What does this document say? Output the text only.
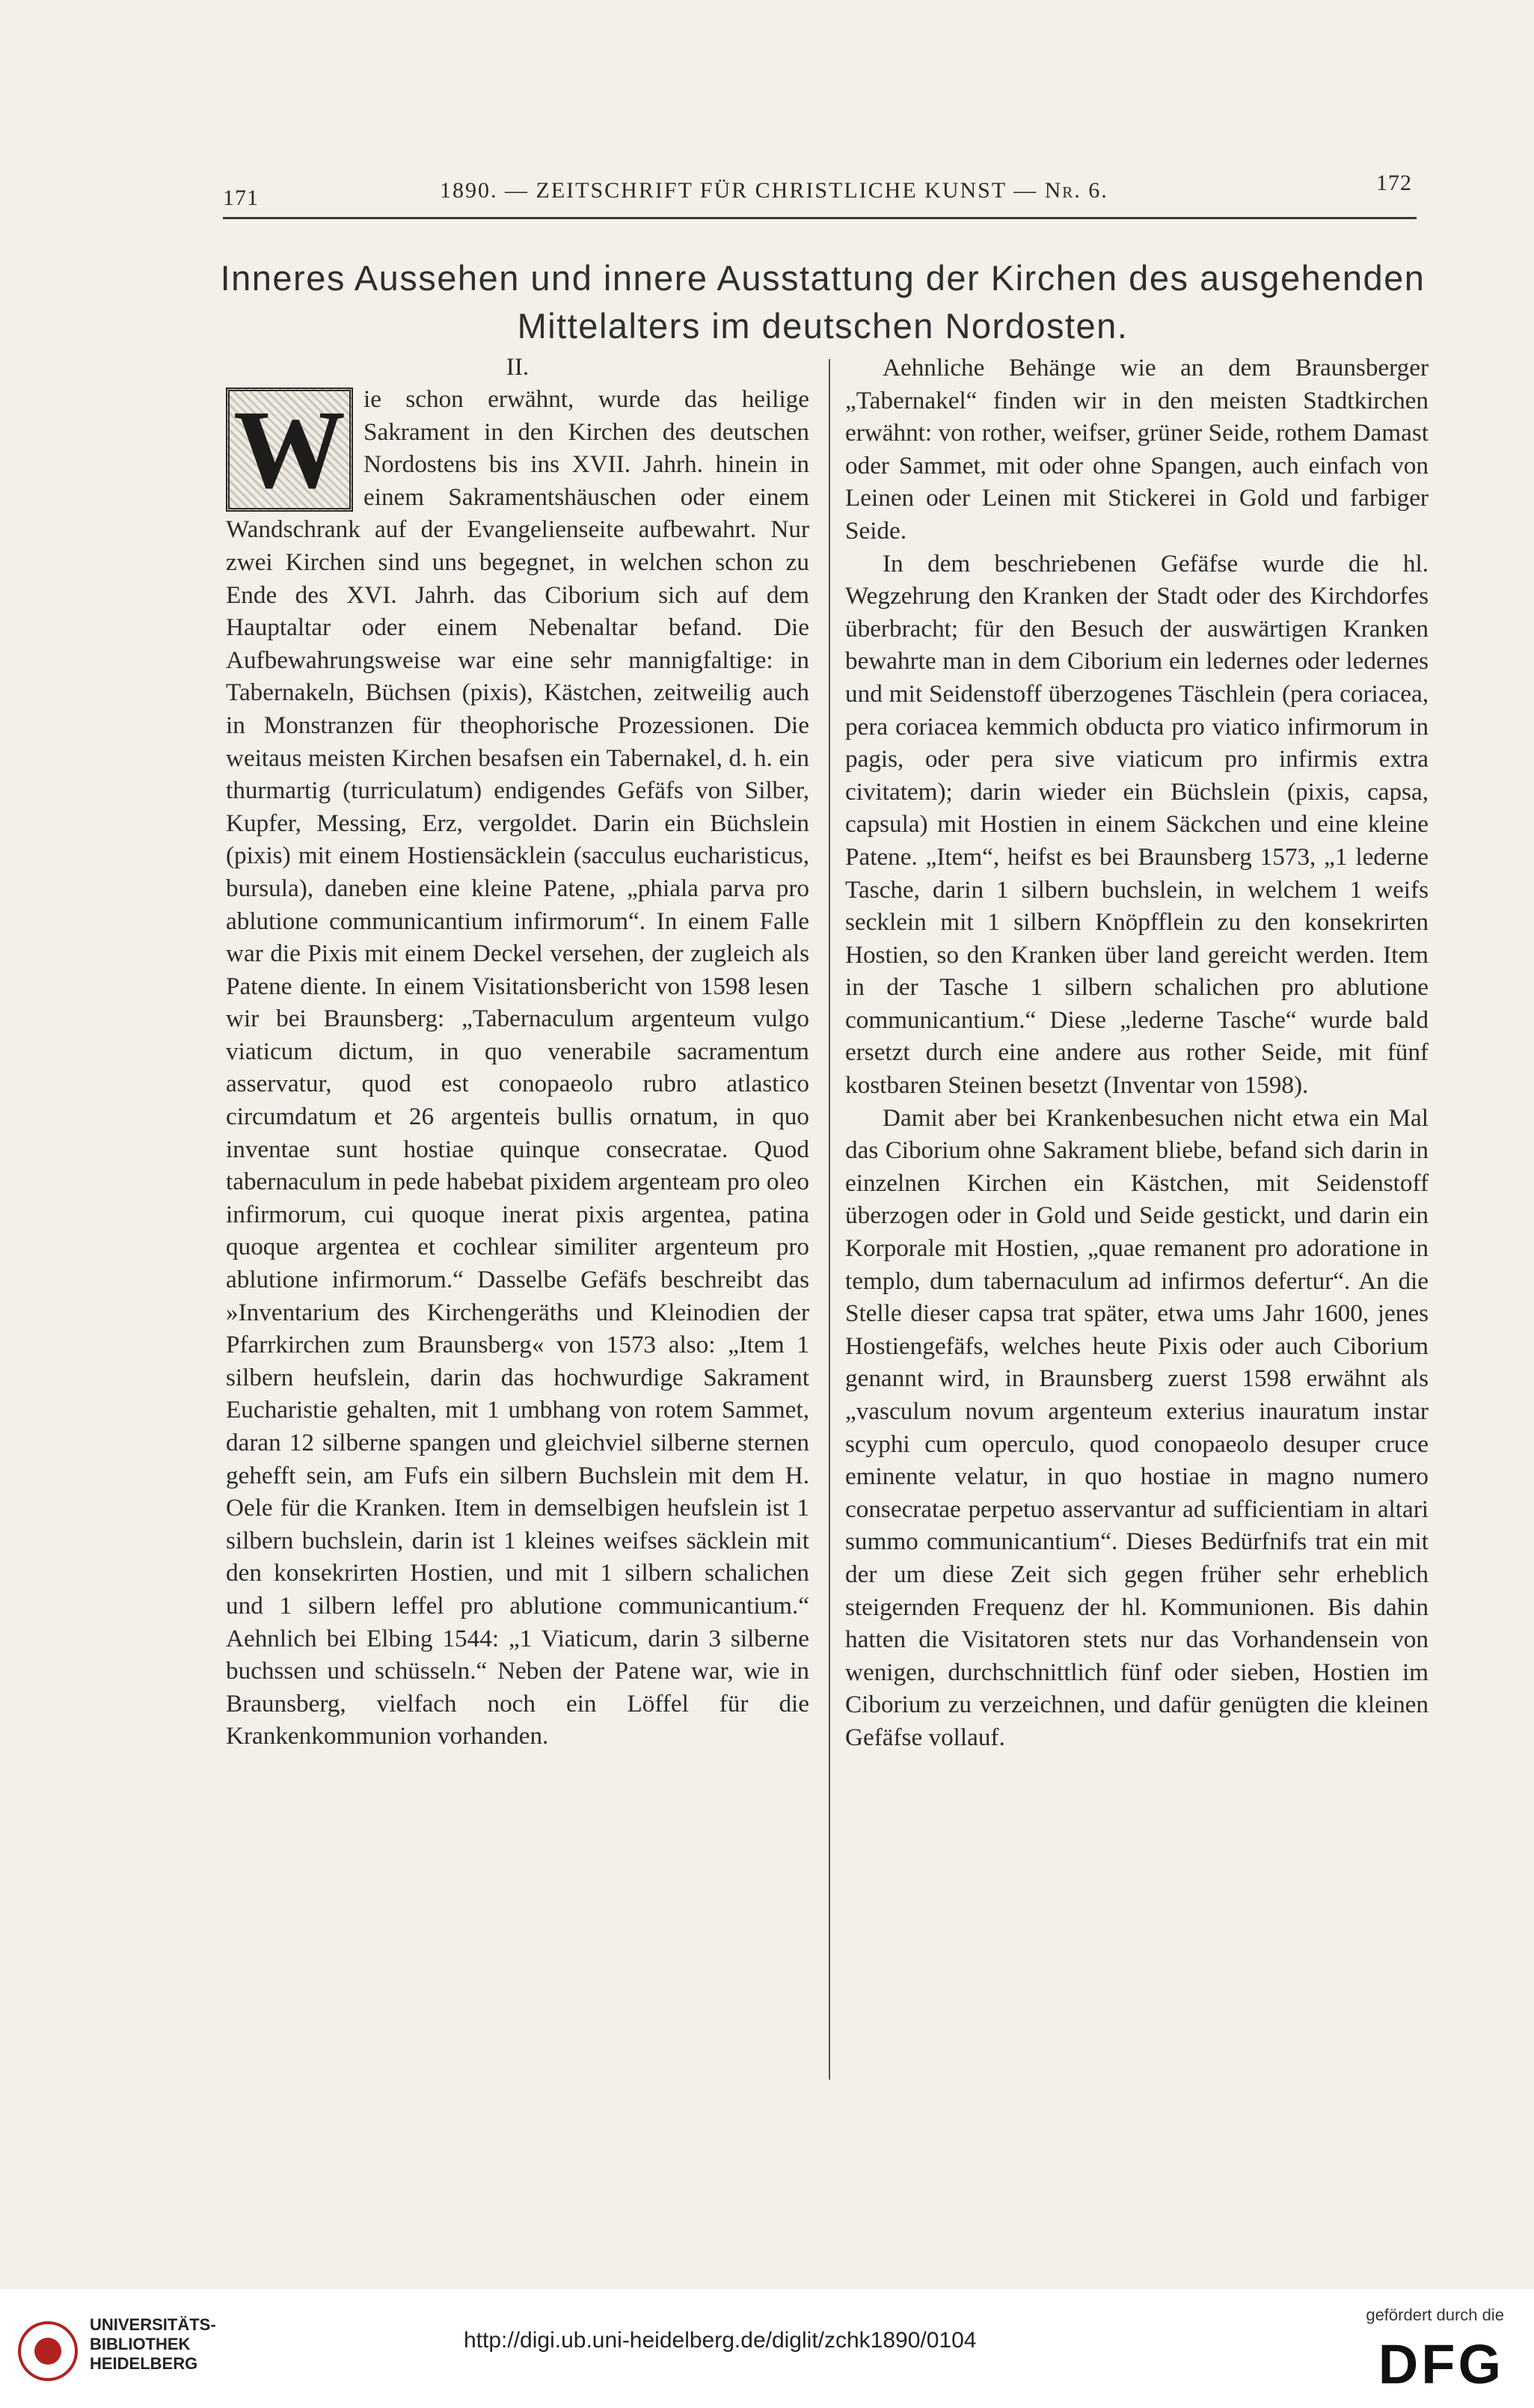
171	1890. — ZEITSCHRIFT FÜR CHRISTLICHE KUNST — Nr. 6.	172
Inneres Aussehen und innere Ausstattung der Kirchen des ausgehenden
Mittelalters im deutschen Nordosten.
II.

W ie schon erwähnt, wurde das heilige Sakrament in den Kirchen des deutschen Nordostens bis ins XVII. Jahrh. hinein in einem Sakramentshäuschen oder einem Wandschrank auf der Evangelienseite aufbewahrt. Nur zwei Kirchen sind uns begegnet, in welchen schon zu Ende des XVI. Jahrh. das Ciborium sich auf dem Hauptaltar oder einem Nebenaltar befand. Die Aufbewahrungsweise war eine sehr mannigfaltige: in Tabernakeln, Büchsen (pixis), Kästchen, zeitweilig auch in Monstranzen für theophorische Prozessionen. Die weitaus meisten Kirchen besafsen ein Tabernakel, d. h. ein thurmartig (turriculatum) endigendes Gefäfs von Silber, Kupfer, Messing, Erz, vergoldet. Darin ein Büchslein (pixis) mit einem Hostiensäcklein (sacculus eucharisticus, bursula), daneben eine kleine Patene, „phiala parva pro ablutione communicantium infirmorum“. In einem Falle war die Pixis mit einem Deckel versehen, der zugleich als Patene diente. In einem Visitationsbericht von 1598 lesen wir bei Braunsberg: „Tabernaculum argenteum vulgo viaticum dictum, in quo venerabile sacramentum asservatur, quod est conopaeolo rubro atlastico circumdatum et 26 argenteis bullis ornatum, in quo inventae sunt hostiae quinque consecratae. Quod tabernaculum in pede habebat pixidem argenteam pro oleo infirmorum, cui quoque inerat pixis argentea, patina quoque argentea et cochlear similiter argenteum pro ablutione infirmorum.“ Dasselbe Gefäfs beschreibt das »Inventarium des Kirchengeräths und Kleinodien der Pfarrkirchen zum Braunsberg« von 1573 also: „Item 1 silbern heufslein, darin das hochwurdige Sakrament Eucharistie gehalten, mit 1 umbhang von rotem Sammet, daran 12 silberne spangen und gleichviel silberne sternen gehefft sein, am Fufs ein silbern Buchslein mit dem H. Oele für die Kranken. Item in demselbigen heufslein ist 1 silbern buchslein, darin ist 1 kleines weifses säcklein mit den konsekrirten Hostien, und mit 1 silbern schalichen und 1 silbern leffel pro ablutione communicantium.“ Aehnlich bei Elbing 1544: „1 Viaticum, darin 3 silberne buchssen und schüsseln.“ Neben der Patene war, wie in Braunsberg, vielfach noch ein Löffel für die Krankenkommunion vorhanden.

Aehnliche Behänge wie an dem Braunsberger „Tabernakel“ finden wir in den meisten Stadtkirchen erwähnt: von rother, weifser, grüner Seide, rothem Damast oder Sammet, mit oder ohne Spangen, auch einfach von Leinen oder Leinen mit Stickerei in Gold und farbiger Seide.

In dem beschriebenen Gefäfse wurde die hl. Wegzehrung den Kranken der Stadt oder des Kirchdorfes überbracht; für den Besuch der auswärtigen Kranken bewahrte man in dem Ciborium ein ledernes oder ledernes und mit Seidenstoff überzogenes Täschlein (pera coriacea, pera coriacea kemmich obducta pro viatico infirmorum in pagis, oder pera sive viaticum pro infirmis extra civitatem); darin wieder ein Büchslein (pixis, capsa, capsula) mit Hostien in einem Säckchen und eine kleine Patene. „Item“, heifst es bei Braunsberg 1573, „1 lederne Tasche, darin 1 silbern buchslein, in welchem 1 weifs secklein mit 1 silbern Knöpfflein zu den konsekrirten Hostien, so den Kranken über land gereicht werden. Item in der Tasche 1 silbern schalichen pro ablutione communicantium.“ Diese „lederne Tasche“ wurde bald ersetzt durch eine andere aus rother Seide, mit fünf kostbaren Steinen besetzt (Inventar von 1598).

Damit aber bei Krankenbesuchen nicht etwa ein Mal das Ciborium ohne Sakrament bliebe, befand sich darin in einzelnen Kirchen ein Kästchen, mit Seidenstoff überzogen oder in Gold und Seide gestickt, und darin ein Korporale mit Hostien, „quae remanent pro adoratione in templo, dum tabernaculum ad infirmos defertur“. An die Stelle dieser capsa trat später, etwa ums Jahr 1600, jenes Hostiengefäfs, welches heute Pixis oder auch Ciborium genannt wird, in Braunsberg zuerst 1598 erwähnt als „vasculum novum argenteum exterius inauratum instar scyphi cum operculo, quod conopaeolo desuper cruce eminente velatur, in quo hostiae in magno numero consecratae perpetuo asservantur ad sufficientiam in altari summo communicantium“. Dieses Bedürfnifs trat ein mit der um diese Zeit sich gegen früher sehr erheblich steigernden Frequenz der hl. Kommunionen. Bis dahin hatten die Visitatoren stets nur das Vorhandensein von wenigen, durchschnittlich fünf oder sieben, Hostien im Ciborium zu verzeichnen, und dafür genügten die kleinen Gefäfse vollauf.

UNIVERSITÄTS-
BIBLIOTHEK
HEIDELBERG
http://digi.ub.uni-heidelberg.de/diglit/zchk1890/0104
gefördert durch die
DFG
